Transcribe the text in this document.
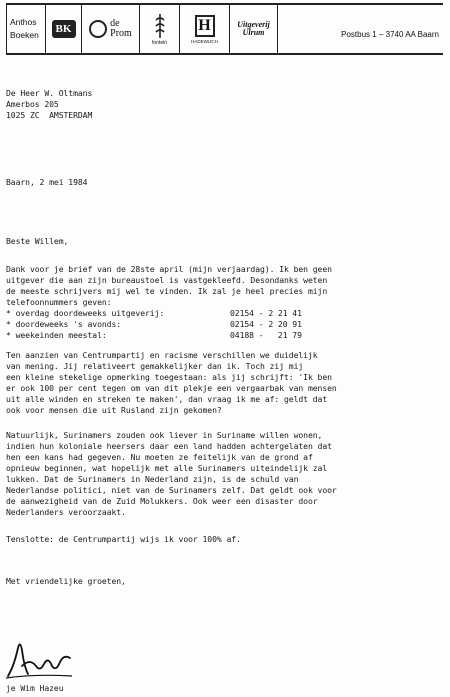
Anthos
Boeken	BK	de
Prom
fontein
H
HADEWIJCH
Uitgeverij
Ulrum	Postbus 1 – 3740 AA Baarn
De Heer W. Oltmans
Amerbos 205
1025 ZC  AMSTERDAM
Baarn, 2 mei 1984
Beste Willem,
Dank voor je brief van de 28ste april (mijn verjaardag). Ik ben geen
uitgever die aan zijn bureaustoel is vastgekleefd. Desondanks weten
de meeste schrijvers mij wel te vinden. Ik zal je heel precies mijn
telefoonnummers geven:
* overdag doordeweeks uitgeverij:	02154 - 2 21 41
* doordeweeks 's avonds:	02154 - 2 20 91
* weekeinden meestal:	04188 -   21 79
Ten aanzien van Centrumpartij en racisme verschillen we duidelijk
van mening. Jij relativeert gemakkelijker dan ik. Toch zij mij
een kleine stekelige opmerking toegestaan: als jij schrijft: 'Ik ben
er ook 100 per cent tegen om van dit plekje een vergaarbak van mensen
uit alle winden en streken te maken', dan vraag ik me af: geldt dat
ook voor mensen die uit Rusland zijn gekomen?
Natuurlijk, Surinamers zouden ook liever in Suriname willen wonen,
indien hun koloniale heersers daar een land hadden achtergelaten dat
hen een kans had gegeven. Nu moeten ze feitelijk van de grond af
opnieuw beginnen, wat hopelijk met alle Surinamers uiteindelijk zal
lukken. Dat de Surinamers in Nederland zijn, is de schuld van
Nederlandse politici, niet van de Surinamers zelf. Dat geldt ook voor
de aanwezigheid van de Zuid Molukkers. Ook weer een disaster door
Nederlanders veroorzaakt.
Tenslotte: de Centrumpartij wijs ik voor 100% af.
Met vriendelijke groeten,
je Wim Hazeu
